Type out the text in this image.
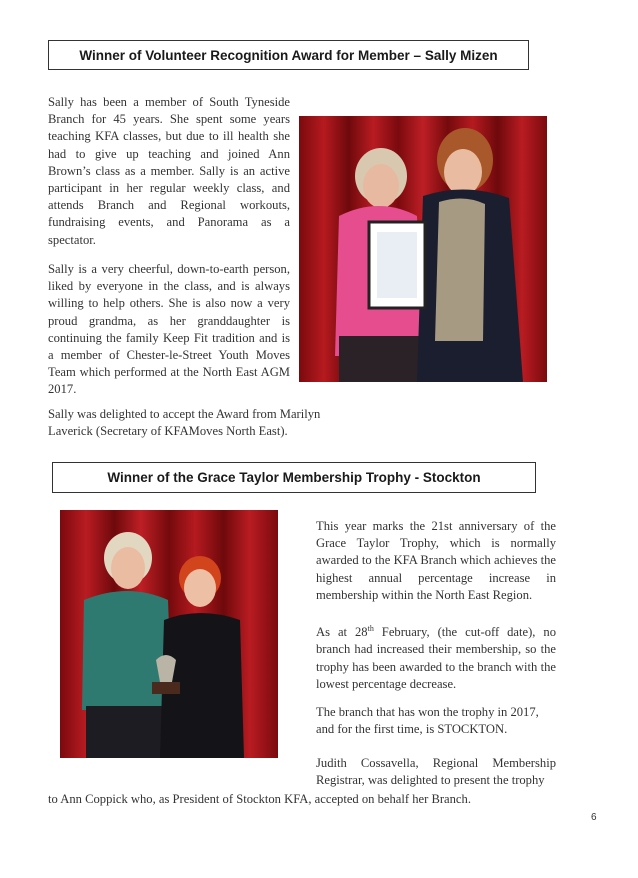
Winner of Volunteer Recognition Award for Member – Sally Mizen

Sally has been a member of South Tyneside Branch for 45 years. She spent some years teaching KFA classes, but due to ill health she had to give up teaching and joined Ann Brown’s class as a member. Sally is an active participant in her regular weekly class, and attends Branch and Regional workouts, fundraising events, and Panorama as a spectator.

Sally is a very cheerful, down-to-earth person, liked by everyone in the class, and is always willing to help others. She is also now a very proud grandma, as her granddaughter is continuing the family Keep Fit tradition and is a member of Chester-le-Street Youth Moves Team which performed at the North East AGM 2017.

Sally was delighted to accept the Award from Marilyn Laverick (Secretary of KFAMoves North East).

Winner of the Grace Taylor Membership Trophy - Stockton

This year marks the 21st anniversary of the Grace Taylor Trophy, which is normally awarded to the KFA Branch which achieves the highest annual percentage increase in membership within the North East Region.

As at 28th February, (the cut-off date), no branch had increased their membership, so the trophy has been awarded to the branch with the lowest percentage decrease.

The branch that has won the trophy in 2017, and for the first time, is STOCKTON.

Judith Cossavella, Regional Membership Registrar, was delighted to present the trophy

to Ann Coppick who, as President of Stockton KFA, accepted on behalf her Branch.

6
